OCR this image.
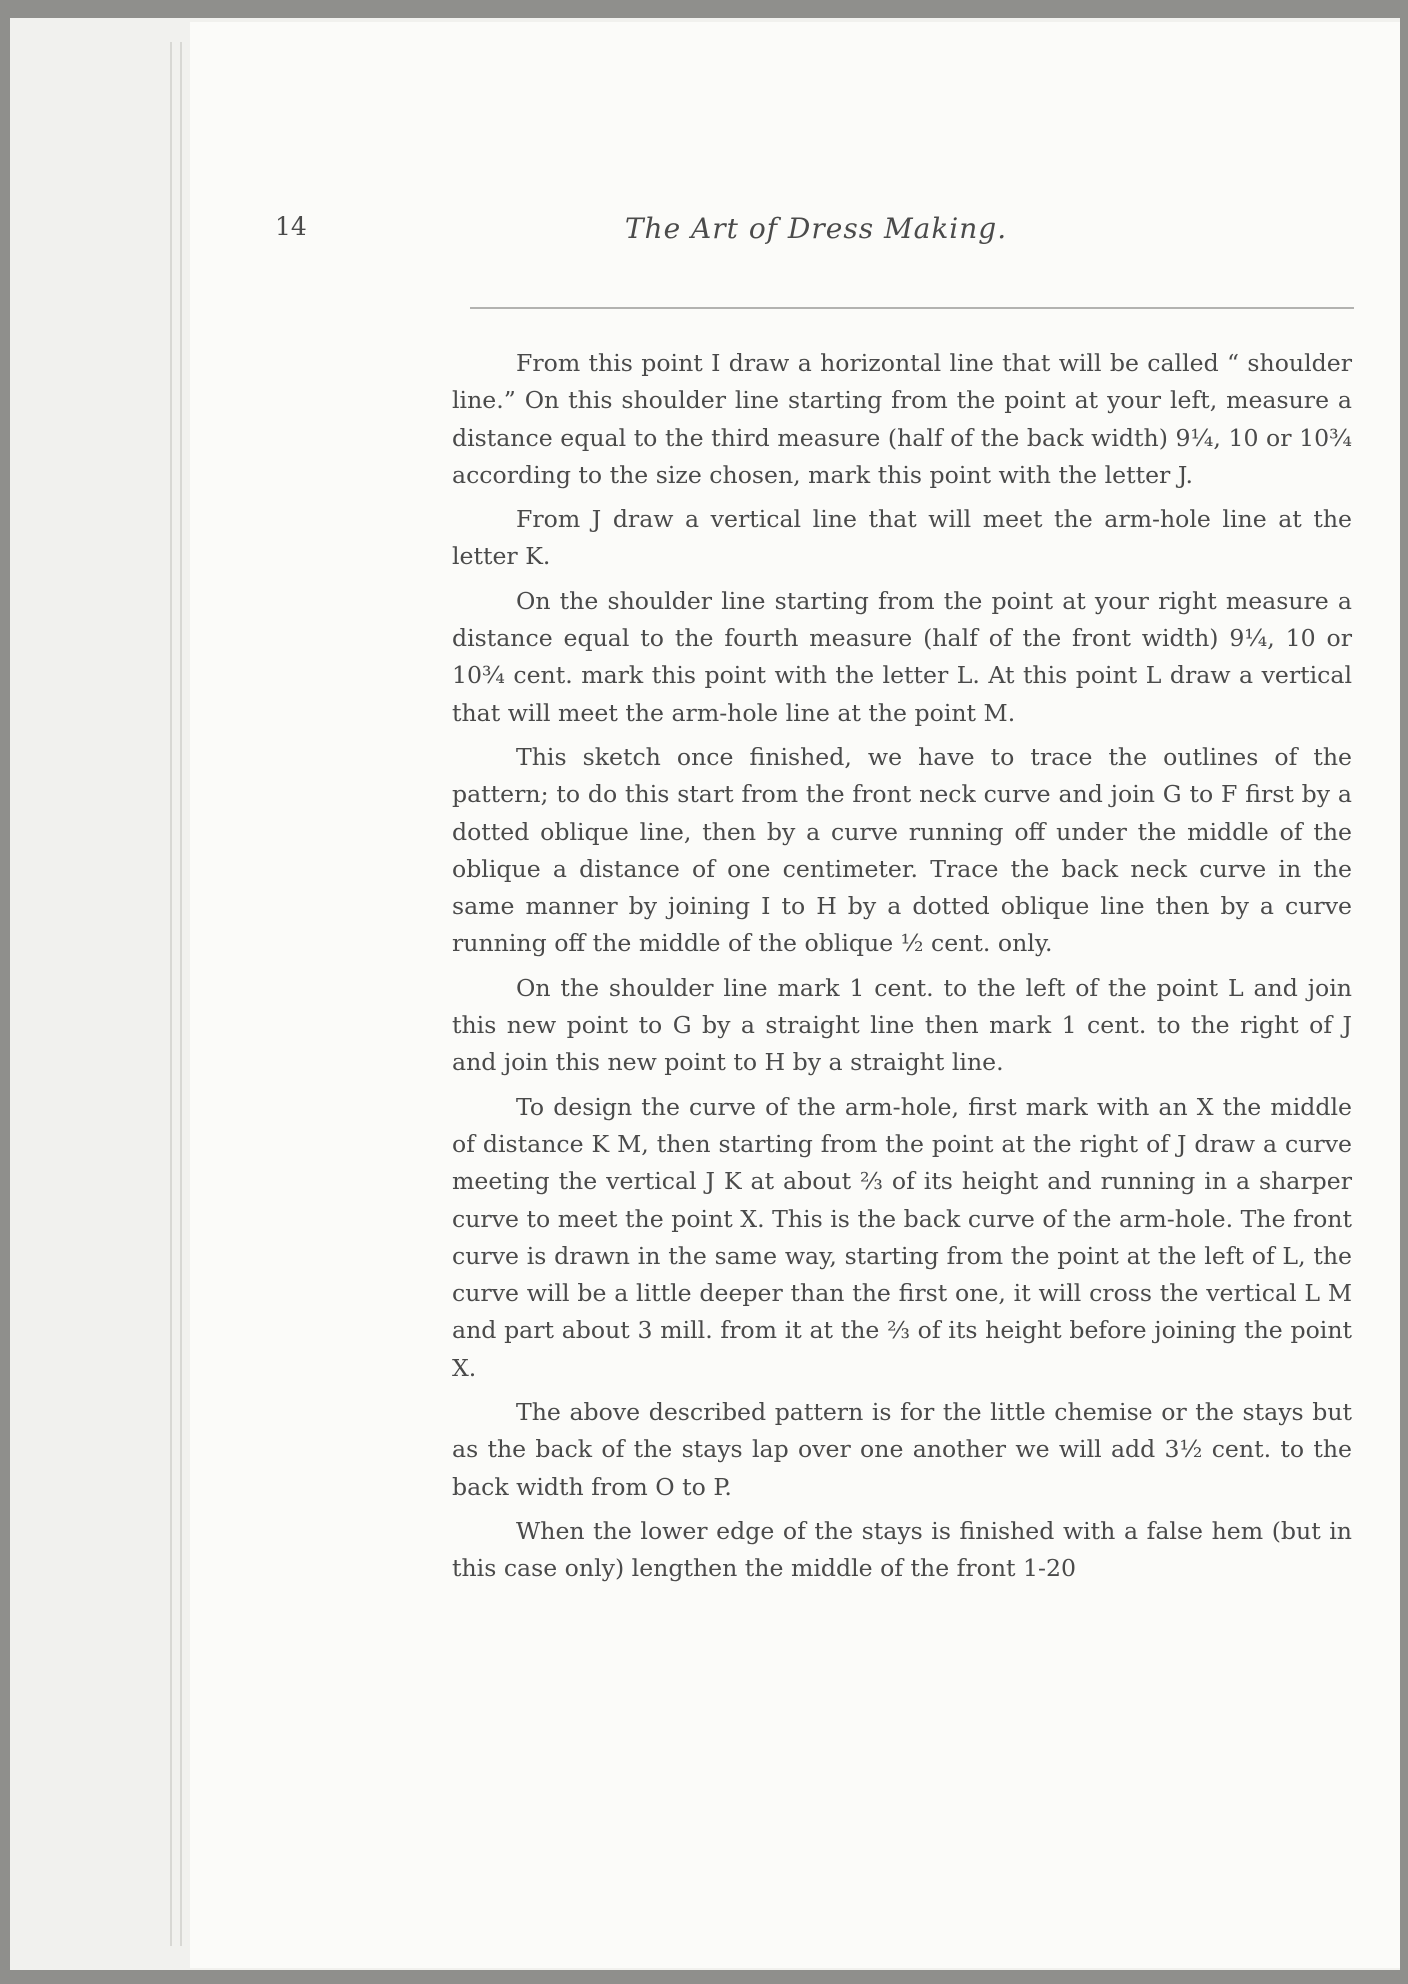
14	The Art of Dress Making.

From this point I draw a horizontal line that will be called “ shoulder line.” On this shoulder line starting from the point at your left, measure a distance equal to the third measure (half of the back width) 9¼, 10 or 10¾ according to the size chosen, mark this point with the letter J.

From J draw a vertical line that will meet the arm-hole line at the letter K.

On the shoulder line starting from the point at your right measure a distance equal to the fourth measure (half of the front width) 9¼, 10 or 10¾ cent. mark this point with the letter L. At this point L draw a vertical that will meet the arm-hole line at the point M.

This sketch once finished, we have to trace the outlines of the pattern; to do this start from the front neck curve and join G to F first by a dotted oblique line, then by a curve running off under the middle of the oblique a distance of one centimeter. Trace the back neck curve in the same manner by joining I to H by a dotted oblique line then by a curve running off the middle of the oblique ½ cent. only.

On the shoulder line mark 1 cent. to the left of the point L and join this new point to G by a straight line then mark 1 cent. to the right of J and join this new point to H by a straight line.

To design the curve of the arm-hole, first mark with an X the middle of distance K M, then starting from the point at the right of J draw a curve meeting the vertical J K at about ⅔ of its height and running in a sharper curve to meet the point X. This is the back curve of the arm-hole. The front curve is drawn in the same way, starting from the point at the left of L, the curve will be a little deeper than the first one, it will cross the vertical L M and part about 3 mill. from it at the ⅔ of its height before joining the point X.

The above described pattern is for the little chemise or the stays but as the back of the stays lap over one another we will add 3½ cent. to the back width from O to P.

When the lower edge of the stays is finished with a false hem (but in this case only) lengthen the middle of the front 1-20
